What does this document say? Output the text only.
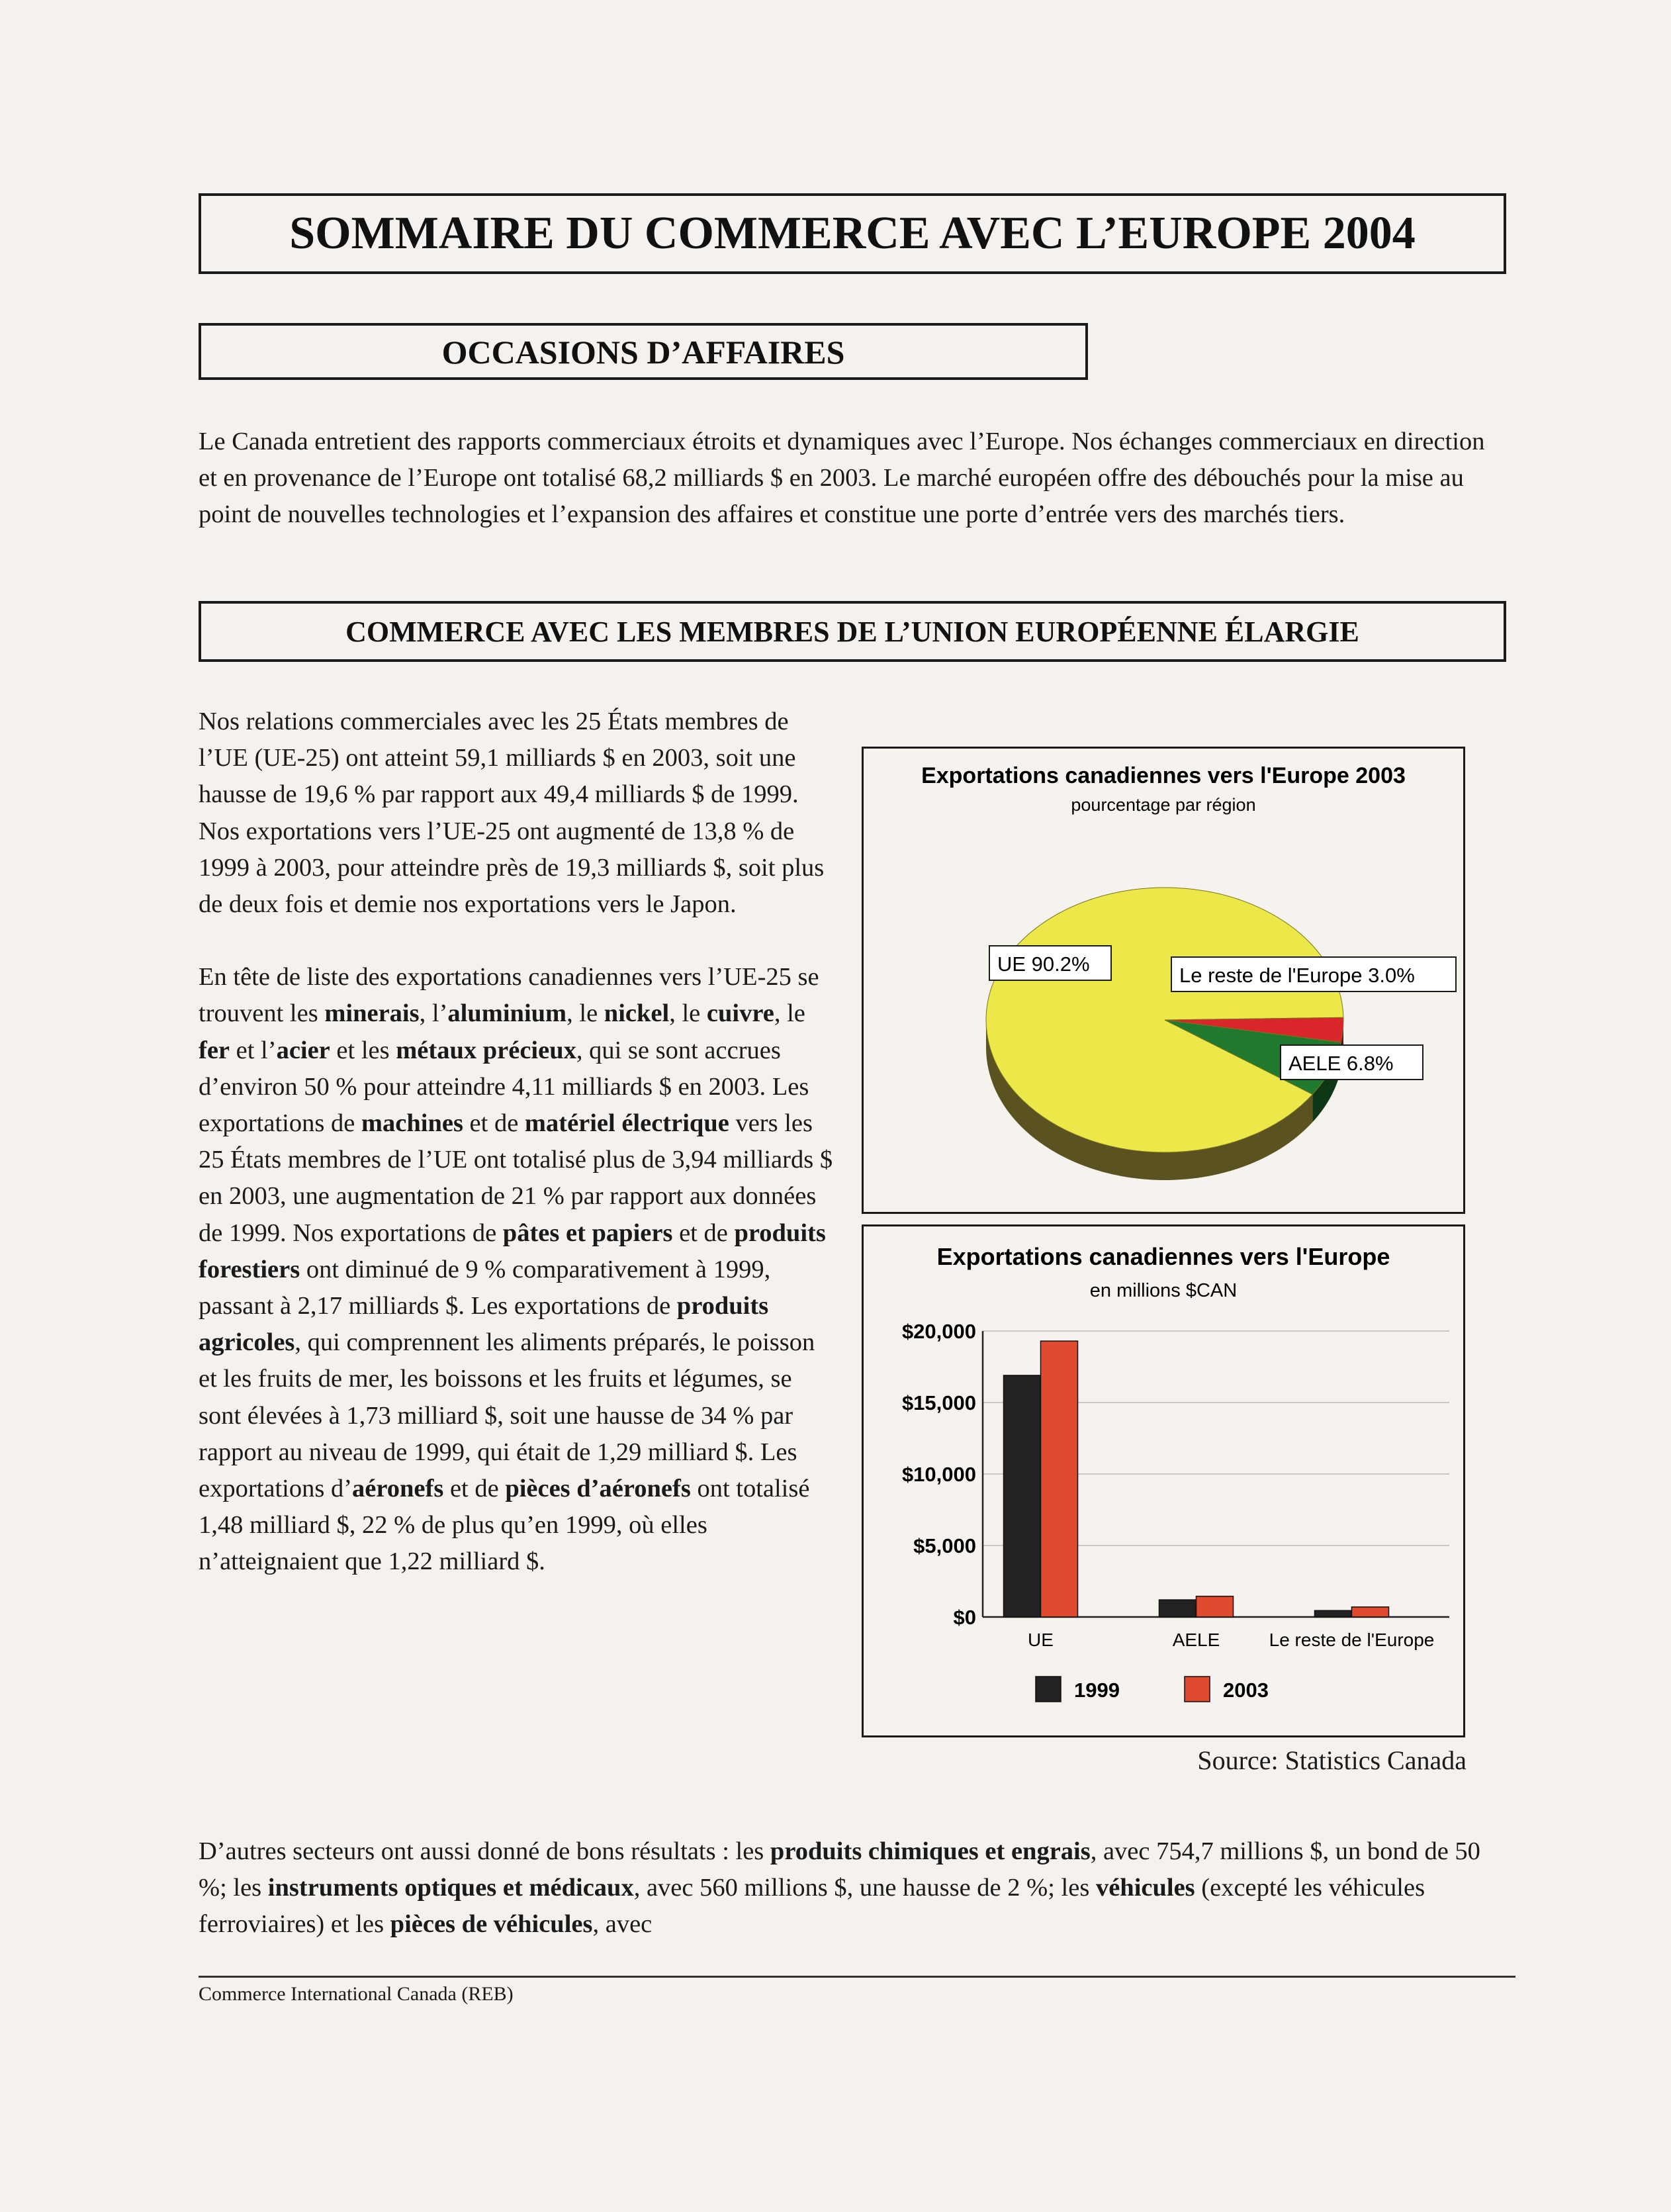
SOMMAIRE DU COMMERCE AVEC L’EUROPE 2004
OCCASIONS D’AFFAIRES

Le Canada entretient des rapports commerciaux étroits et dynamiques avec l’Europe. Nos échanges commerciaux en direction et en provenance de l’Europe ont totalisé 68,2 milliards $ en 2003. Le marché européen offre des débouchés pour la mise au point de nouvelles technologies et l’expansion des affaires et constitue une porte d’entrée vers des marchés tiers.

COMMERCE AVEC LES MEMBRES DE L’UNION EUROPÉENNE ÉLARGIE

Nos relations commerciales avec les 25 États membres de l’UE (UE-25) ont atteint 59,1 milliards $ en 2003, soit une hausse de 19,6 % par rapport aux 49,4 milliards $ de 1999. Nos exportations vers l’UE-25 ont augmenté de 13,8 % de 1999 à 2003, pour atteindre près de 19,3 milliards $, soit plus de deux fois et demie nos exportations vers le Japon.

En tête de liste des exportations canadiennes vers l’UE-25 se trouvent les minerais, l’aluminium, le nickel, le cuivre, le fer et l’acier et les métaux précieux, qui se sont accrues d’environ 50 % pour atteindre 4,11 milliards $ en 2003. Les exportations de machines et de matériel électrique vers les 25 États membres de l’UE ont totalisé plus de 3,94 milliards $ en 2003, une augmentation de 21 % par rapport aux données de 1999. Nos exportations de pâtes et papiers et de produits forestiers ont diminué de 9 % comparativement à 1999, passant à 2,17 milliards $. Les exportations de produits agricoles, qui comprennent les aliments préparés, le poisson et les fruits de mer, les boissons et les fruits et légumes, se sont élevées à 1,73 milliard $, soit une hausse de 34 % par rapport au niveau de 1999, qui était de 1,29 milliard $. Les exportations d’aéronefs et de pièces d’aéronefs ont totalisé 1,48 milliard $, 22 % de plus qu’en 1999, où elles n’atteignaient que 1,22 milliard $.

Exportations canadiennes vers l'Europe 2003
pourcentage par région
UE 90.2%	Le reste de l'Europe 3.0%
AELE 6.8%
Exportations canadiennes vers l'Europe
en millions $CAN
$0
$5,000
$10,000
$15,000
$20,000
UE	AELE	Le reste de l'Europe
1999	2003
Source: Statistics Canada

D’autres secteurs ont aussi donné de bons résultats : les produits chimiques et engrais, avec 754,7 millions $, un bond de 50 %; les instruments optiques et médicaux, avec 560 millions $, une hausse de 2 %; les véhicules (excepté les véhicules ferroviaires) et les pièces de véhicules, avec

Commerce International Canada (REB)
